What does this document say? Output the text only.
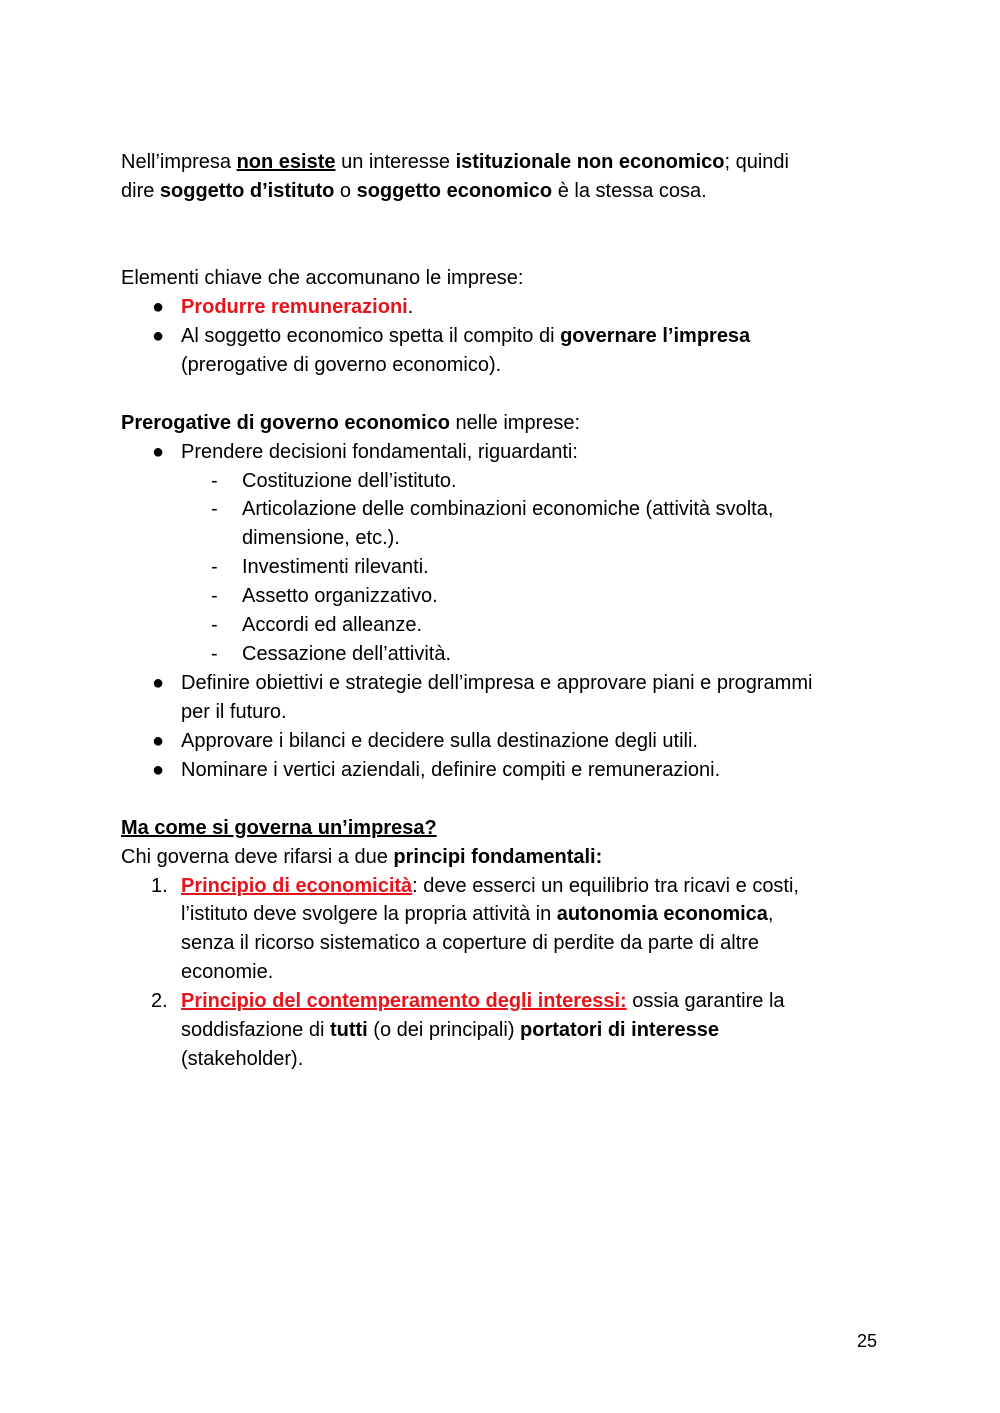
Nell’impresa non esiste un interesse istituzionale non economico; quindi
dire soggetto d’istituto o soggetto economico è la stessa cosa.
Elementi chiave che accomunano le imprese:
● Produrre remunerazioni.
● Al soggetto economico spetta il compito di governare l’impresa
(prerogative di governo economico).
Prerogative di governo economico nelle imprese:
● Prendere decisioni fondamentali, riguardanti:
- Costituzione dell’istituto.
- Articolazione delle combinazioni economiche (attività svolta,
dimensione, etc.).
- Investimenti rilevanti.
- Assetto organizzativo.
- Accordi ed alleanze.
- Cessazione dell’attività.
● Definire obiettivi e strategie dell’impresa e approvare piani e programmi
per il futuro.
● Approvare i bilanci e decidere sulla destinazione degli utili.
● Nominare i vertici aziendali, definire compiti e remunerazioni.
Ma come si governa un’impresa?
Chi governa deve rifarsi a due principi fondamentali:
1. Principio di economicità: deve esserci un equilibrio tra ricavi e costi,
l’istituto deve svolgere la propria attività in autonomia economica,
senza il ricorso sistematico a coperture di perdite da parte di altre
economie.
2. Principio del contemperamento degli interessi: ossia garantire la
soddisfazione di tutti (o dei principali) portatori di interesse
(stakeholder).
25
